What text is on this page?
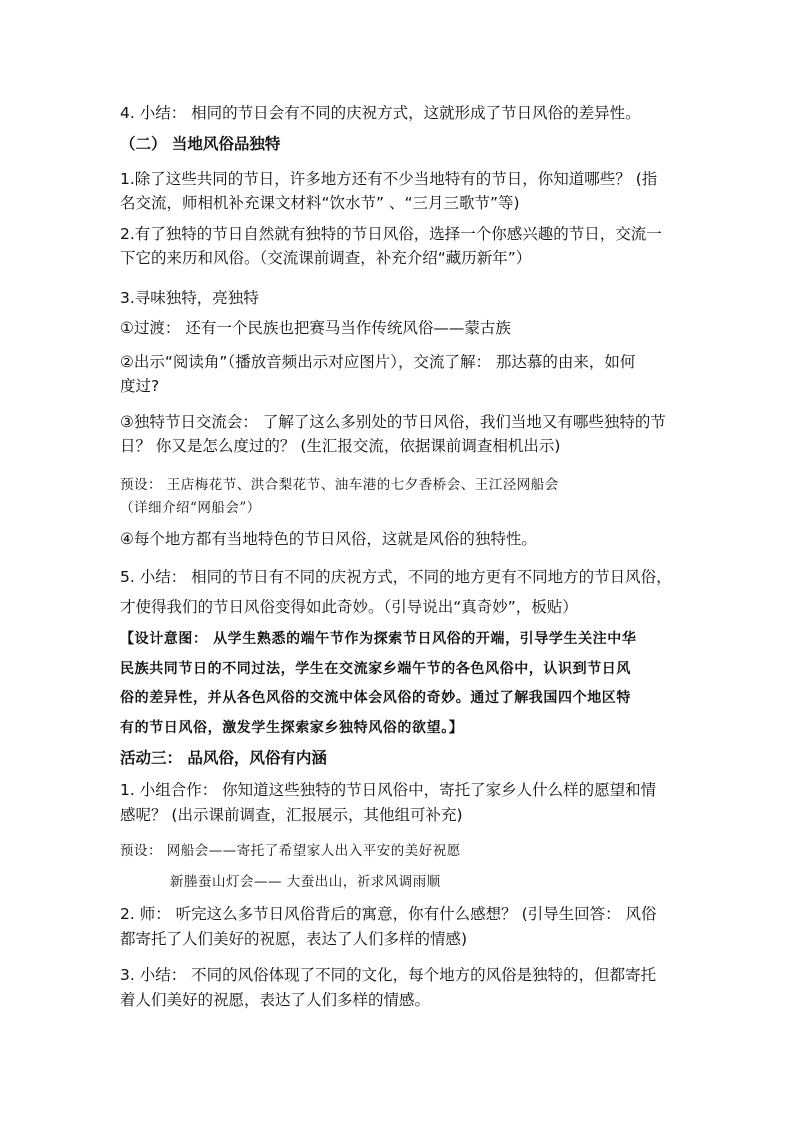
4. 小结： 相同的节日会有不同的庆祝方式，这就形成了节日风俗的差异性。
（二） 当地风俗品独特
1.除了这些共同的节日，许多地方还有不少当地特有的节日，你知道哪些？ (指
名交流，师相机补充课文材料“饮水节” 、“三月三歌节”等)
2.有了独特的节日自然就有独特的节日风俗，选择一个你感兴趣的节日，交流一
下它的来历和风俗。（交流课前调查，补充介绍“藏历新年”）
3.寻味独特，亮独特
①过渡： 还有一个民族也把赛马当作传统风俗——蒙古族
②出示“阅读角”（播放音频出示对应图片），交流了解： 那达慕的由来，如何
度过?
③独特节日交流会： 了解了这么多别处的节日风俗，我们当地又有哪些独特的节
日？ 你又是怎么度过的？ (生汇报交流，依据课前调查相机出示)
预设： 王店梅花节、洪合梨花节、油车港的七夕香桥会、王江泾网船会
（详细介绍“网船会”）
④每个地方都有当地特色的节日风俗，这就是风俗的独特性。
5. 小结： 相同的节日有不同的庆祝方式，不同的地方更有不同地方的节日风俗，
才使得我们的节日风俗变得如此奇妙。（引导说出“真奇妙”，板贴）
【设计意图： 从学生熟悉的端午节作为探索节日风俗的开端，引导学生关注中华
民族共同节日的不同过法，学生在交流家乡端午节的各色风俗中，认识到节日风
俗的差异性，并从各色风俗的交流中体会风俗的奇妙。通过了解我国四个地区特
有的节日风俗，激发学生探索家乡独特风俗的欲望。】
活动三： 品风俗，风俗有内涵
1. 小组合作： 你知道这些独特的节日风俗中，寄托了家乡人什么样的愿望和情
感呢？ (出示课前调查，汇报展示，其他组可补充)
预设： 网船会——寄托了希望家人出入平安的美好祝愿
新塍蚕山灯会—— 大蚕出山，祈求风调雨顺
2. 师： 听完这么多节日风俗背后的寓意，你有什么感想？ (引导生回答： 风俗
都寄托了人们美好的祝愿，表达了人们多样的情感)
3. 小结： 不同的风俗体现了不同的文化，每个地方的风俗是独特的，但都寄托
着人们美好的祝愿，表达了人们多样的情感。
